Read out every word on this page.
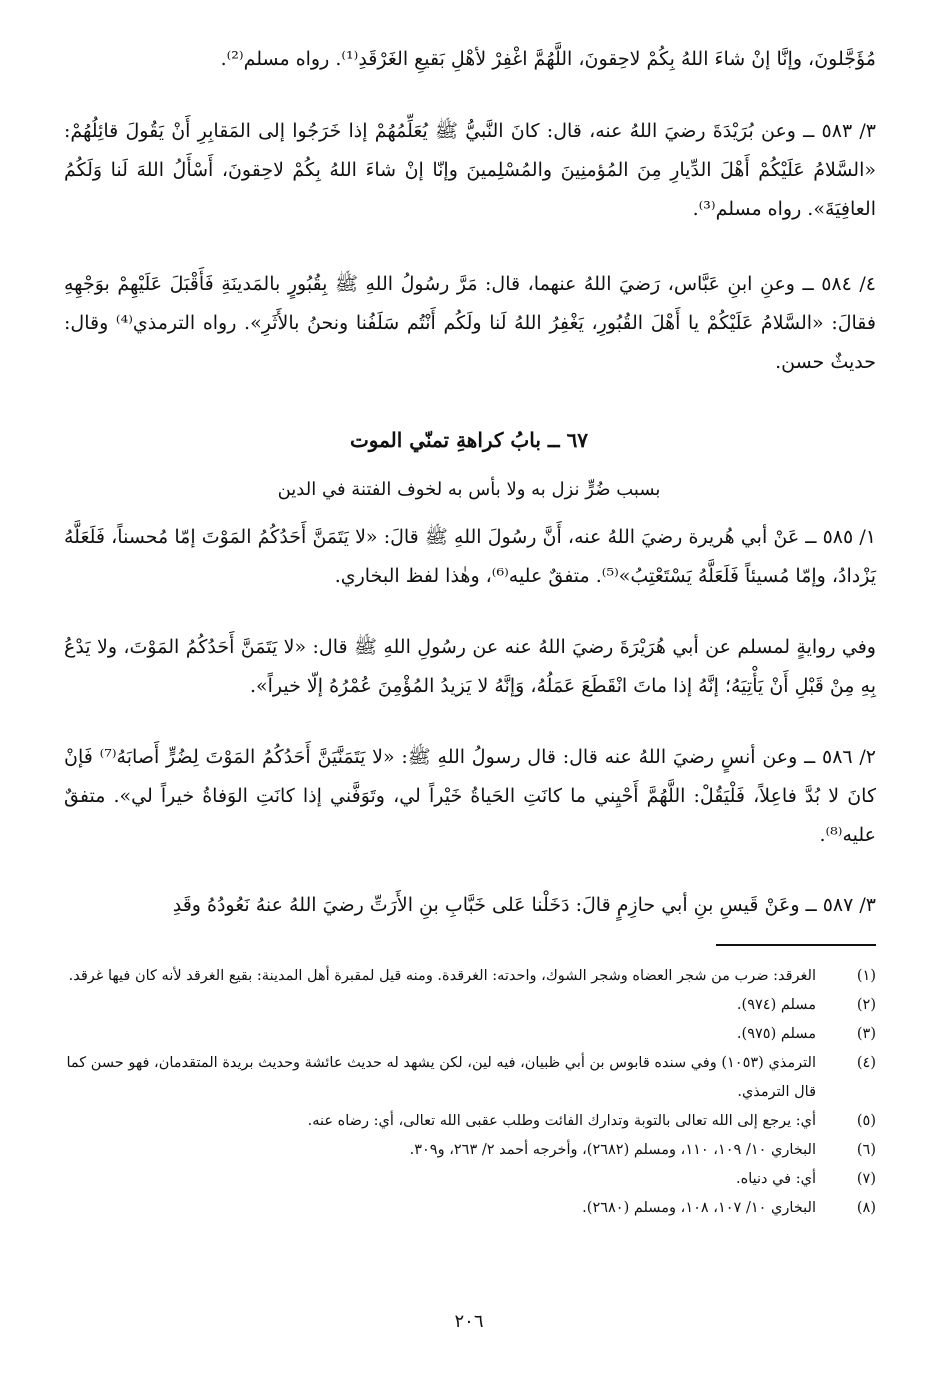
مُؤَجَّلونَ، وإنَّا إنْ شاءَ اللهُ بِكُمْ لاحِقونَ، اللَّهُمَّ اغْفِرْ لأهْلِ بَقيعِ الغَرْقَدِ⁽¹⁾. رواه مسلم⁽²⁾.

٣/ ٥٨٣ ــ وعن بُرَيْدَةَ رضيَ اللهُ عنه، قال: كانَ النَّبيُّ ﷺ يُعَلِّمُهُمْ إذا خَرَجُوا إلى المَقابِرِ أَنْ يَقُولَ قائِلُهُمْ: «السَّلامُ عَلَيْكُمْ أَهْلَ الدِّيارِ مِنَ المُؤمنِينَ والمُسْلِمينَ وإنّا إنْ شاءَ اللهُ بِكُمْ لاحِقونَ، أَسْأَلُ اللهَ لَنا وَلَكُمُ العافِيَةَ». رواه مسلم⁽³⁾.

٤/ ٥٨٤ ــ وعنِ ابنِ عَبَّاس، رَضيَ اللهُ عنهما، قال: مَرَّ رسُولُ اللهِ ﷺ بِقُبُورٍ بالمَدينَةِ فَأَقْبَلَ عَلَيْهِمْ بوَجْهِهِ فقالَ: «السَّلامُ عَلَيْكُمْ يا أَهْلَ القُبُورِ، يَغْفِرُ اللهُ لَنا ولَكُم أَنْتُم سَلَفُنا ونحنُ بالأَثَرِ». رواه الترمذي⁽⁴⁾ وقال: حديثٌ حسن.

٦٧ ــ بابُ كراهةِ تمنّي الموت

بسبب ضُرٍّ نزل به ولا بأس به لخوف الفتنة في الدين

١/ ٥٨٥ ــ عَنْ أبي هُريرة رضيَ اللهُ عنه، أَنَّ رسُولَ اللهِ ﷺ قالَ: «لا يَتَمَنَّ أَحَدُكُمُ المَوْتَ إمّا مُحسناً، فَلَعَلَّهُ يَزْدادُ، وإمّا مُسيئاً فَلَعَلَّهُ يَسْتَعْتِبُ»⁽⁵⁾. متفقٌ عليه⁽⁶⁾، وهٰذا لفظ البخاري.

وفي روايةٍ لمسلم عن أبي هُرَيْرَةَ رضيَ اللهُ عنه عن رسُولِ اللهِ ﷺ قال: «لا يَتَمَنَّ أَحَدُكُمُ المَوْتَ، ولا يَدْعُ بِهِ مِنْ قَبْلِ أَنْ يَأْتِيَهُ؛ إنَّهُ إذا ماتَ انْقَطَعَ عَمَلُهُ، وَإنَّهُ لا يَزيدُ المُؤْمِنَ عُمْرُهُ إلّا خيراً».

٢/ ٥٨٦ ــ وعن أنسٍ رضيَ اللهُ عنه قال: قال رسولُ اللهِ ﷺ: «لا يَتَمَنَّيَنَّ أَحَدُكُمُ المَوْتَ لِضُرٍّ أَصابَهُ⁽⁷⁾ فَإنْ كانَ لا بُدَّ فاعِلاً، فَلْيَقُلْ: اللَّهُمَّ أَحْيِني ما كانَتِ الحَياةُ خَيْراً لي، وتَوَفَّني إذا كانَتِ الوَفاةُ خيراً لي». متفقٌ عليه⁽⁸⁾.

٣/ ٥٨٧ ــ وعَنْ قَيسِ بنِ أبي حازِمٍ قالَ: دَخَلْنا عَلى خَبَّابِ بنِ الأَرَتِّ رضيَ اللهُ عنهُ نَعُودُهُ وقَدِ

(١)
الغرقد: ضرب من شجر العضاه وشجر الشوك، واحدته: الغرقدة. ومنه قيل لمقبرة أهل المدينة: بقيع الغرقد لأنه كان فيها غرقد.
(٢)
مسلم (٩٧٤).
(٣)
مسلم (٩٧٥).
(٤)
الترمذي (١٠٥٣) وفي سنده قابوس بن أبي ظبيان، فيه لين، لكن يشهد له حديث عائشة وحديث بريدة المتقدمان، فهو حسن كما قال الترمذي.
(٥)
أي: يرجع إلى الله تعالى بالتوبة وتدارك الفائت وطلب عقبى الله تعالى، أي: رضاه عنه.
(٦)
البخاري ١٠/ ١٠٩، ١١٠، ومسلم (٢٦٨٢)، وأخرجه أحمد ٢/ ٢٦٣، و٣٠٩.
(٧)
أي: في دنياه.
(٨)
البخاري ١٠/ ١٠٧، ١٠٨، ومسلم (٢٦٨٠).

٢٠٦
